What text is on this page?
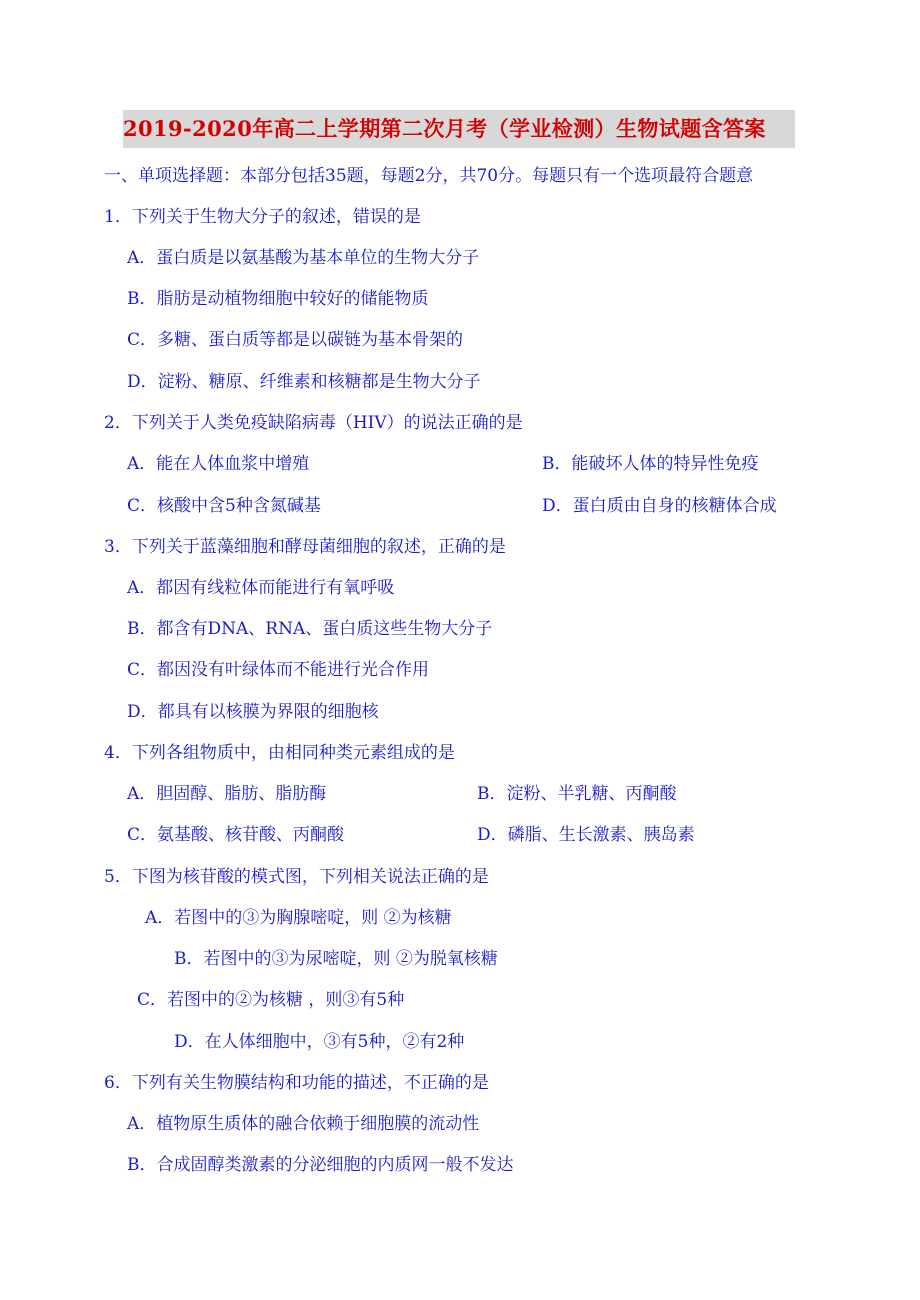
2019-2020年高二上学期第二次月考（学业检测）生物试题含答案
一、单项选择题：本部分包括35题，每题2分，共70分。每题只有一个选项最符合题意
1．下列关于生物大分子的叙述，错误的是
A．蛋白质是以氨基酸为基本单位的生物大分子
B．脂肪是动植物细胞中较好的储能物质
C．多糖、蛋白质等都是以碳链为基本骨架的
D．淀粉、糖原、纤维素和核糖都是生物大分子
2．下列关于人类免疫缺陷病毒（HIV）的说法正确的是
A．能在人体血浆中增殖	B．能破坏人体的特异性免疫
C．核酸中含5种含氮碱基	D．蛋白质由自身的核糖体合成
3．下列关于蓝藻细胞和酵母菌细胞的叙述，正确的是
A．都因有线粒体而能进行有氧呼吸
B．都含有DNA、RNA、蛋白质这些生物大分子
C．都因没有叶绿体而不能进行光合作用
D．都具有以核膜为界限的细胞核
4．下列各组物质中，由相同种类元素组成的是
A．胆固醇、脂肪、脂肪酶	B．淀粉、半乳糖、丙酮酸
C．氨基酸、核苷酸、丙酮酸	D．磷脂、生长激素、胰岛素
5．下图为核苷酸的模式图，下列相关说法正确的是
A．若图中的③为胸腺嘧啶，则 ②为核糖
B．若图中的③为尿嘧啶，则 ②为脱氧核糖
C．若图中的②为核糖 ，则③有5种
D．在人体细胞中，③有5种，②有2种
6．下列有关生物膜结构和功能的描述，不正确的是
A．植物原生质体的融合依赖于细胞膜的流动性
B．合成固醇类激素的分泌细胞的内质网一般不发达
